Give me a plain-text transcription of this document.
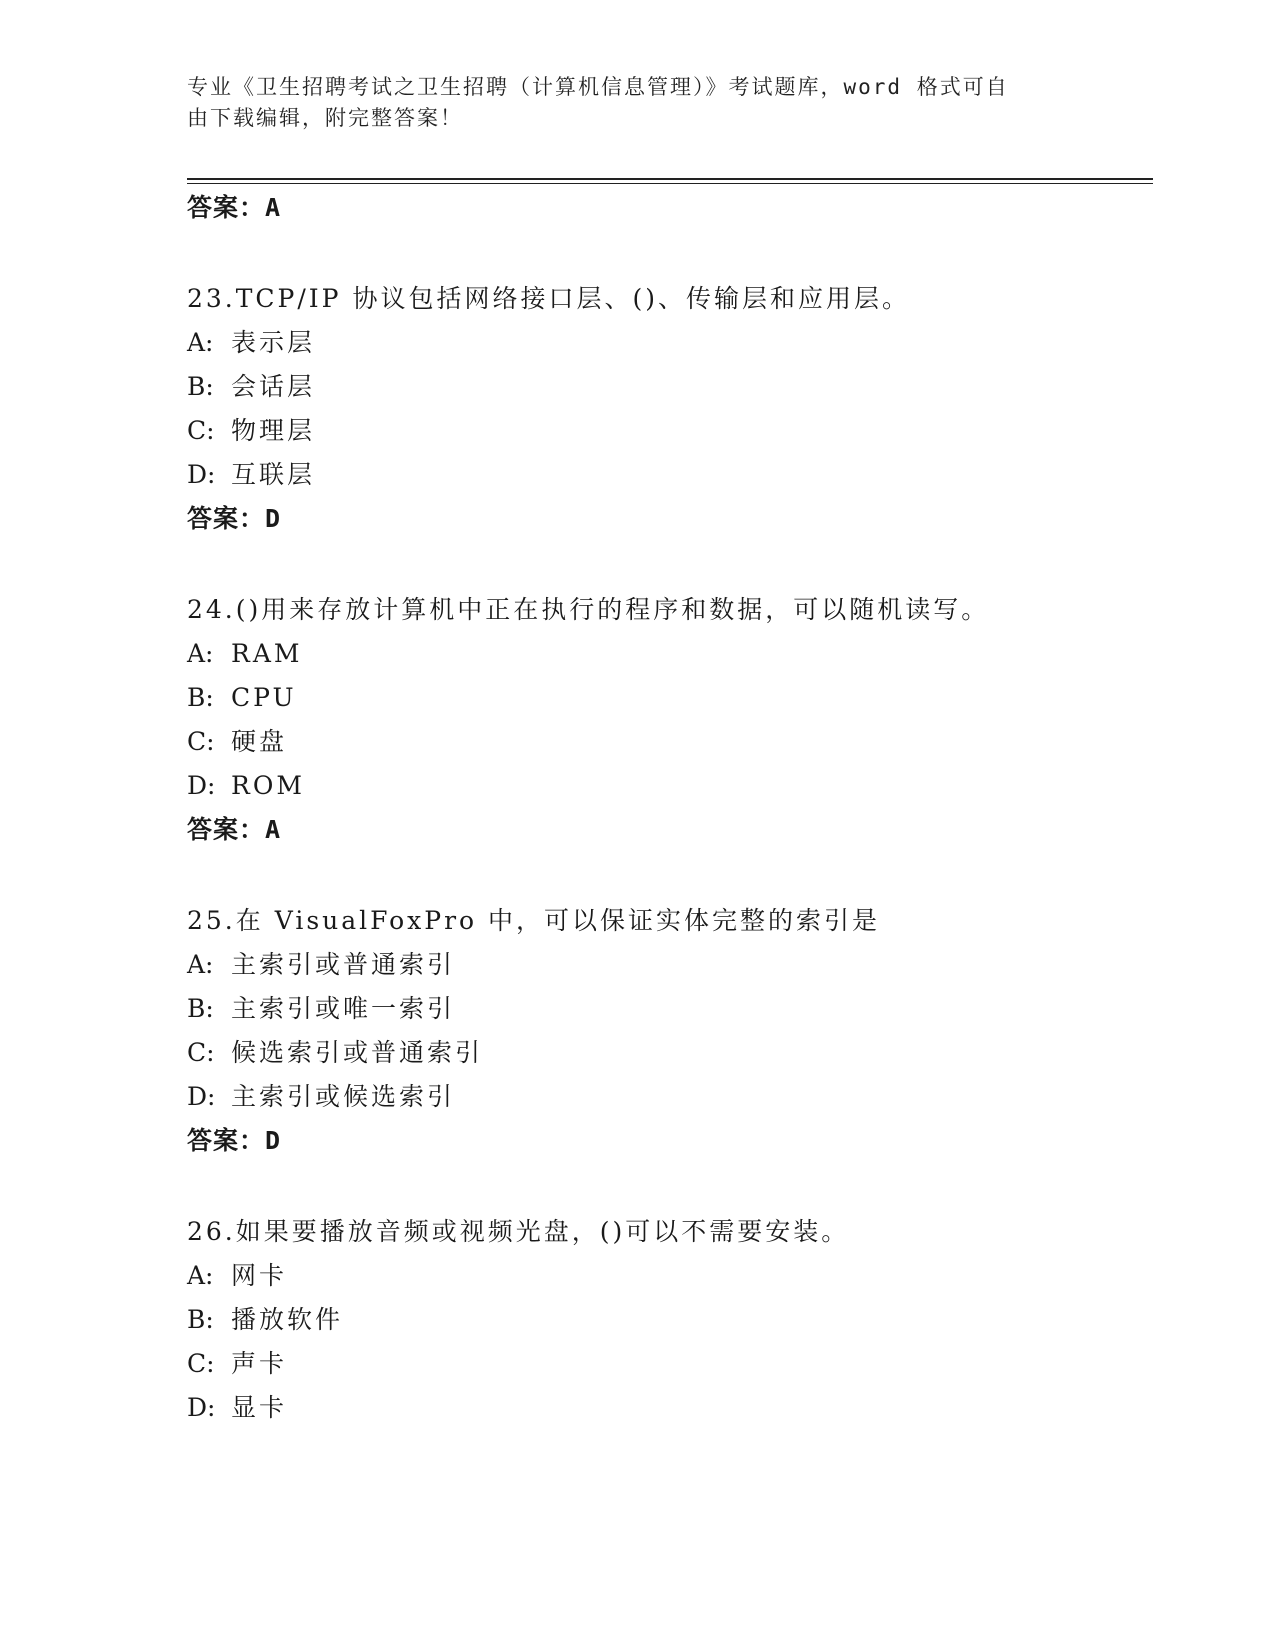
专业《卫生招聘考试之卫生招聘（计算机信息管理）》考试题库，word 格式可自
由下载编辑，附完整答案！
答案：A
23.TCP/IP 协议包括网络接口层、()、传输层和应用层。
A: 表示层
B: 会话层
C: 物理层
D: 互联层
答案：D
24.()用来存放计算机中正在执行的程序和数据，可以随机读写。
A: RAM
B: CPU
C: 硬盘
D: ROM
答案：A
25.在 VisualFoxPro 中，可以保证实体完整的索引是
A: 主索引或普通索引
B: 主索引或唯一索引
C: 候选索引或普通索引
D: 主索引或候选索引
答案：D
26.如果要播放音频或视频光盘，()可以不需要安装。
A: 网卡
B: 播放软件
C: 声卡
D: 显卡
